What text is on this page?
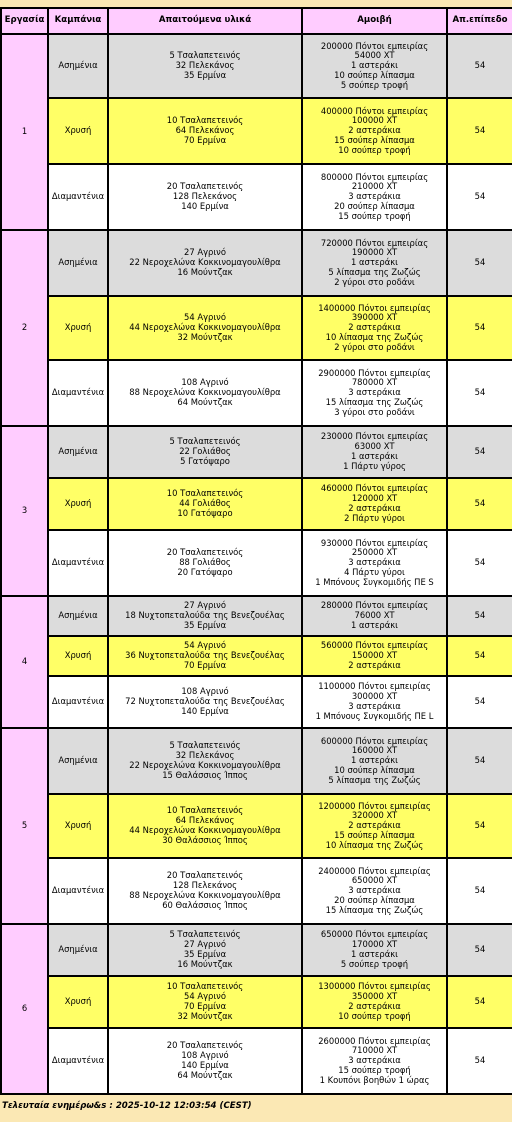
Εργασία	Καμπάνια	Απαιτούμενα υλικά	Αμοιβή	Απ.επίπεδο
1	Ασημένια	5 Τσαλαπετεινός
32 Πελεκάνος
35 Ερμίνα	200000 Πόντοι εμπειρίας
54000 XT
1 αστεράκι
10 σούπερ λίπασμα
5 σούπερ τροφή	54
	Χρυσή	10 Τσαλαπετεινός
64 Πελεκάνος
70 Ερμίνα	400000 Πόντοι εμπειρίας
100000 XT
2 αστεράκια
15 σούπερ λίπασμα
10 σούπερ τροφή	54
	Διαμαντένια	20 Τσαλαπετεινός
128 Πελεκάνος
140 Ερμίνα	800000 Πόντοι εμπειρίας
210000 XT
3 αστεράκια
20 σούπερ λίπασμα
15 σούπερ τροφή	54
2	Ασημένια	27 Αγρινό
22 Νεροχελώνα Κοκκινομαγουλίθρα
16 Μούντζακ	720000 Πόντοι εμπειρίας
190000 XT
1 αστεράκι
5 λίπασμα της Ζωζώς
2 γύροι στο ροδάνι	54
	Χρυσή	54 Αγρινό
44 Νεροχελώνα Κοκκινομαγουλίθρα
32 Μούντζακ	1400000 Πόντοι εμπειρίας
390000 XT
2 αστεράκια
10 λίπασμα της Ζωζώς
2 γύροι στο ροδάνι	54
	Διαμαντένια	108 Αγρινό
88 Νεροχελώνα Κοκκινομαγουλίθρα
64 Μούντζακ	2900000 Πόντοι εμπειρίας
780000 XT
3 αστεράκια
15 λίπασμα της Ζωζώς
3 γύροι στο ροδάνι	54
3	Ασημένια	5 Τσαλαπετεινός
22 Γολιάθος
5 Γατόψαρο	230000 Πόντοι εμπειρίας
63000 XT
1 αστεράκι
1 Πάρτυ γύρος	54
	Χρυσή	10 Τσαλαπετεινός
44 Γολιάθος
10 Γατόψαρο	460000 Πόντοι εμπειρίας
120000 XT
2 αστεράκια
2 Πάρτυ γύροι	54
	Διαμαντένια	20 Τσαλαπετεινός
88 Γολιάθος
20 Γατόψαρο	930000 Πόντοι εμπειρίας
250000 XT
3 αστεράκια
4 Πάρτυ γύροι
1 Μπόνους Συγκομιδής ΠΕ S	54
4	Ασημένια	27 Αγρινό
18 Νυχτοπεταλούδα της Βενεζουέλας
35 Ερμίνα	280000 Πόντοι εμπειρίας
76000 XT
1 αστεράκι	54
	Χρυσή	54 Αγρινό
36 Νυχτοπεταλούδα της Βενεζουέλας
70 Ερμίνα	560000 Πόντοι εμπειρίας
150000 XT
2 αστεράκια	54
	Διαμαντένια	108 Αγρινό
72 Νυχτοπεταλούδα της Βενεζουέλας
140 Ερμίνα	1100000 Πόντοι εμπειρίας
300000 XT
3 αστεράκια
1 Μπόνους Συγκομιδής ΠΕ L	54
5	Ασημένια	5 Τσαλαπετεινός
32 Πελεκάνος
22 Νεροχελώνα Κοκκινομαγουλίθρα
15 Θαλάσσιος Ίππος	600000 Πόντοι εμπειρίας
160000 XT
1 αστεράκι
10 σούπερ λίπασμα
5 λίπασμα της Ζωζώς	54
	Χρυσή	10 Τσαλαπετεινός
64 Πελεκάνος
44 Νεροχελώνα Κοκκινομαγουλίθρα
30 Θαλάσσιος Ίππος	1200000 Πόντοι εμπειρίας
320000 XT
2 αστεράκια
15 σούπερ λίπασμα
10 λίπασμα της Ζωζώς	54
	Διαμαντένια	20 Τσαλαπετεινός
128 Πελεκάνος
88 Νεροχελώνα Κοκκινομαγουλίθρα
60 Θαλάσσιος Ίππος	2400000 Πόντοι εμπειρίας
650000 XT
3 αστεράκια
20 σούπερ λίπασμα
15 λίπασμα της Ζωζώς	54
6	Ασημένια	5 Τσαλαπετεινός
27 Αγρινό
35 Ερμίνα
16 Μούντζακ	650000 Πόντοι εμπειρίας
170000 XT
1 αστεράκι
5 σούπερ τροφή	54
	Χρυσή	10 Τσαλαπετεινός
54 Αγρινό
70 Ερμίνα
32 Μούντζακ	1300000 Πόντοι εμπειρίας
350000 XT
2 αστεράκια
10 σούπερ τροφή	54
	Διαμαντένια	20 Τσαλαπετεινός
108 Αγρινό
140 Ερμίνα
64 Μούντζακ	2600000 Πόντοι εμπειρίας
710000 XT
3 αστεράκια
15 σούπερ τροφή
1 Κουπόνι βοηθών 1 ώρας	54
Τελευταία ενημέρω&s : 2025-10-12 12:03:54 (CEST)
